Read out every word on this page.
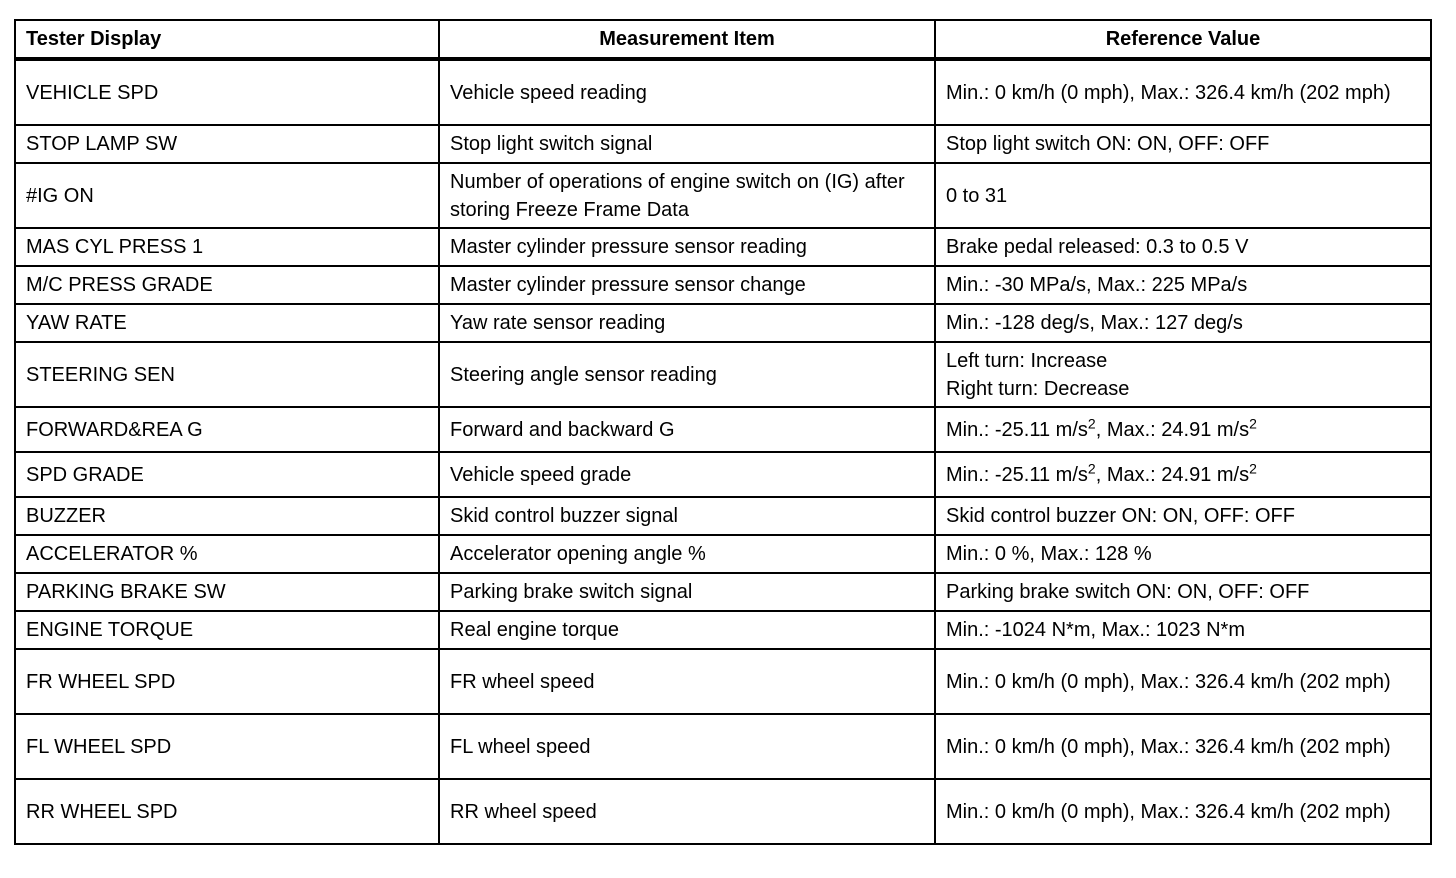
Tester Display	Measurement Item	Reference Value
VEHICLE SPD	Vehicle speed reading	Min.: 0 km/h (0 mph), Max.: 326.4 km/h (202 mph)
STOP LAMP SW	Stop light switch signal	Stop light switch ON: ON, OFF: OFF
#IG ON	Number of operations of engine switch on (IG) after storing Freeze Frame Data	0 to 31
MAS CYL PRESS 1	Master cylinder pressure sensor reading	Brake pedal released: 0.3 to 0.5 V
M/C PRESS GRADE	Master cylinder pressure sensor change	Min.: -30 MPa/s, Max.: 225 MPa/s
YAW RATE	Yaw rate sensor reading	Min.: -128 deg/s, Max.: 127 deg/s
STEERING SEN	Steering angle sensor reading	Left turn: Increase
Right turn: Decrease
FORWARD&REA G	Forward and backward G	Min.: -25.11 $m/s^2$, Max.: 24.91 $m/s^2$
SPD GRADE	Vehicle speed grade	Min.: -25.11 $m/s^2$, Max.: 24.91 $m/s^2$
BUZZER	Skid control buzzer signal	Skid control buzzer ON: ON, OFF: OFF
ACCELERATOR %	Accelerator opening angle %	Min.: 0 %, Max.: 128 %
PARKING BRAKE SW	Parking brake switch signal	Parking brake switch ON: ON, OFF: OFF
ENGINE TORQUE	Real engine torque	Min.: -1024 N*m, Max.: 1023 N*m
FR WHEEL SPD	FR wheel speed	Min.: 0 km/h (0 mph), Max.: 326.4 km/h (202 mph)
FL WHEEL SPD	FL wheel speed	Min.: 0 km/h (0 mph), Max.: 326.4 km/h (202 mph)
RR WHEEL SPD	RR wheel speed	Min.: 0 km/h (0 mph), Max.: 326.4 km/h (202 mph)
